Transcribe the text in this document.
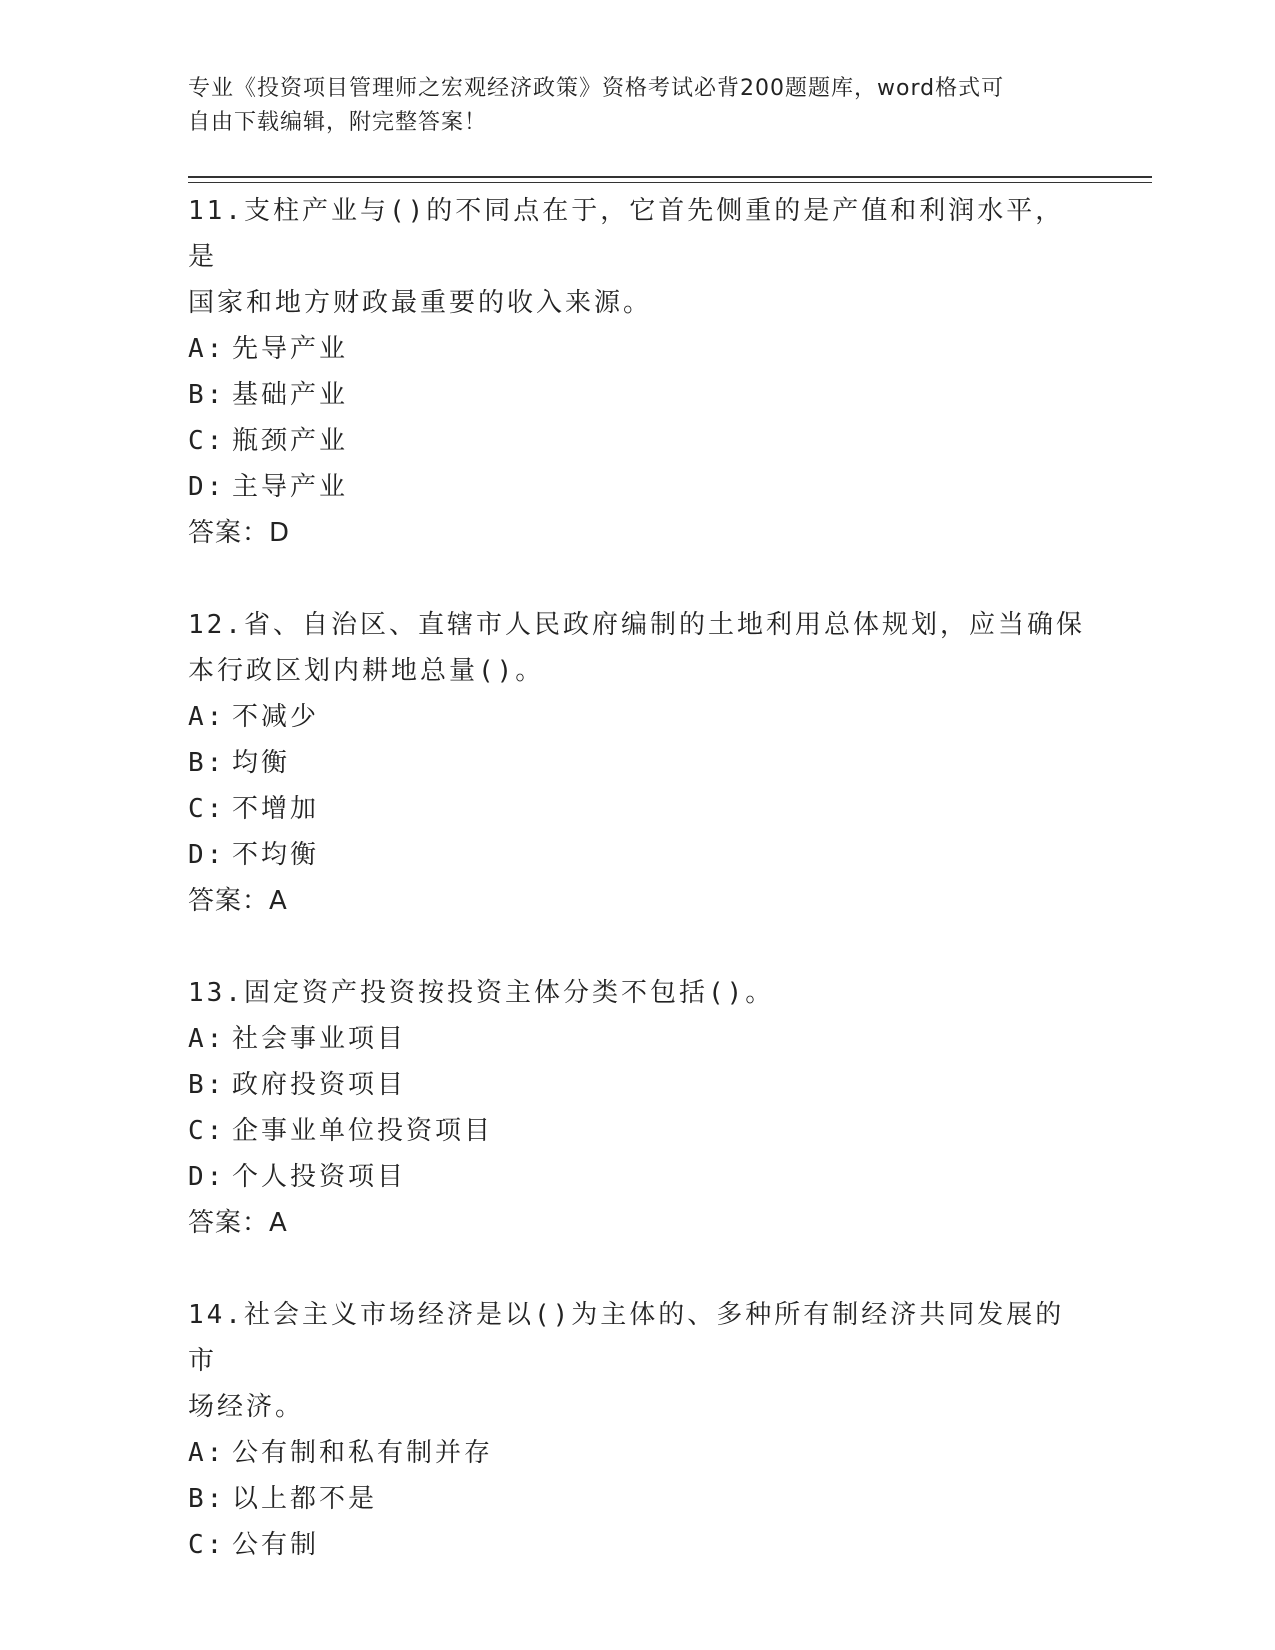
专业《投资项目管理师之宏观经济政策》资格考试必背200题题库，word格式可
自由下载编辑，附完整答案！
11.支柱产业与()的不同点在于，它首先侧重的是产值和利润水平，是
国家和地方财政最重要的收入来源。
A: 先导产业
B: 基础产业
C: 瓶颈产业
D: 主导产业
答案：D
12.省、自治区、直辖市人民政府编制的土地利用总体规划，应当确保
本行政区划内耕地总量()。
A: 不减少
B: 均衡
C: 不增加
D: 不均衡
答案：A
13.固定资产投资按投资主体分类不包括()。
A: 社会事业项目
B: 政府投资项目
C: 企事业单位投资项目
D: 个人投资项目
答案：A
14.社会主义市场经济是以()为主体的、多种所有制经济共同发展的市
场经济。
A: 公有制和私有制并存
B: 以上都不是
C: 公有制
